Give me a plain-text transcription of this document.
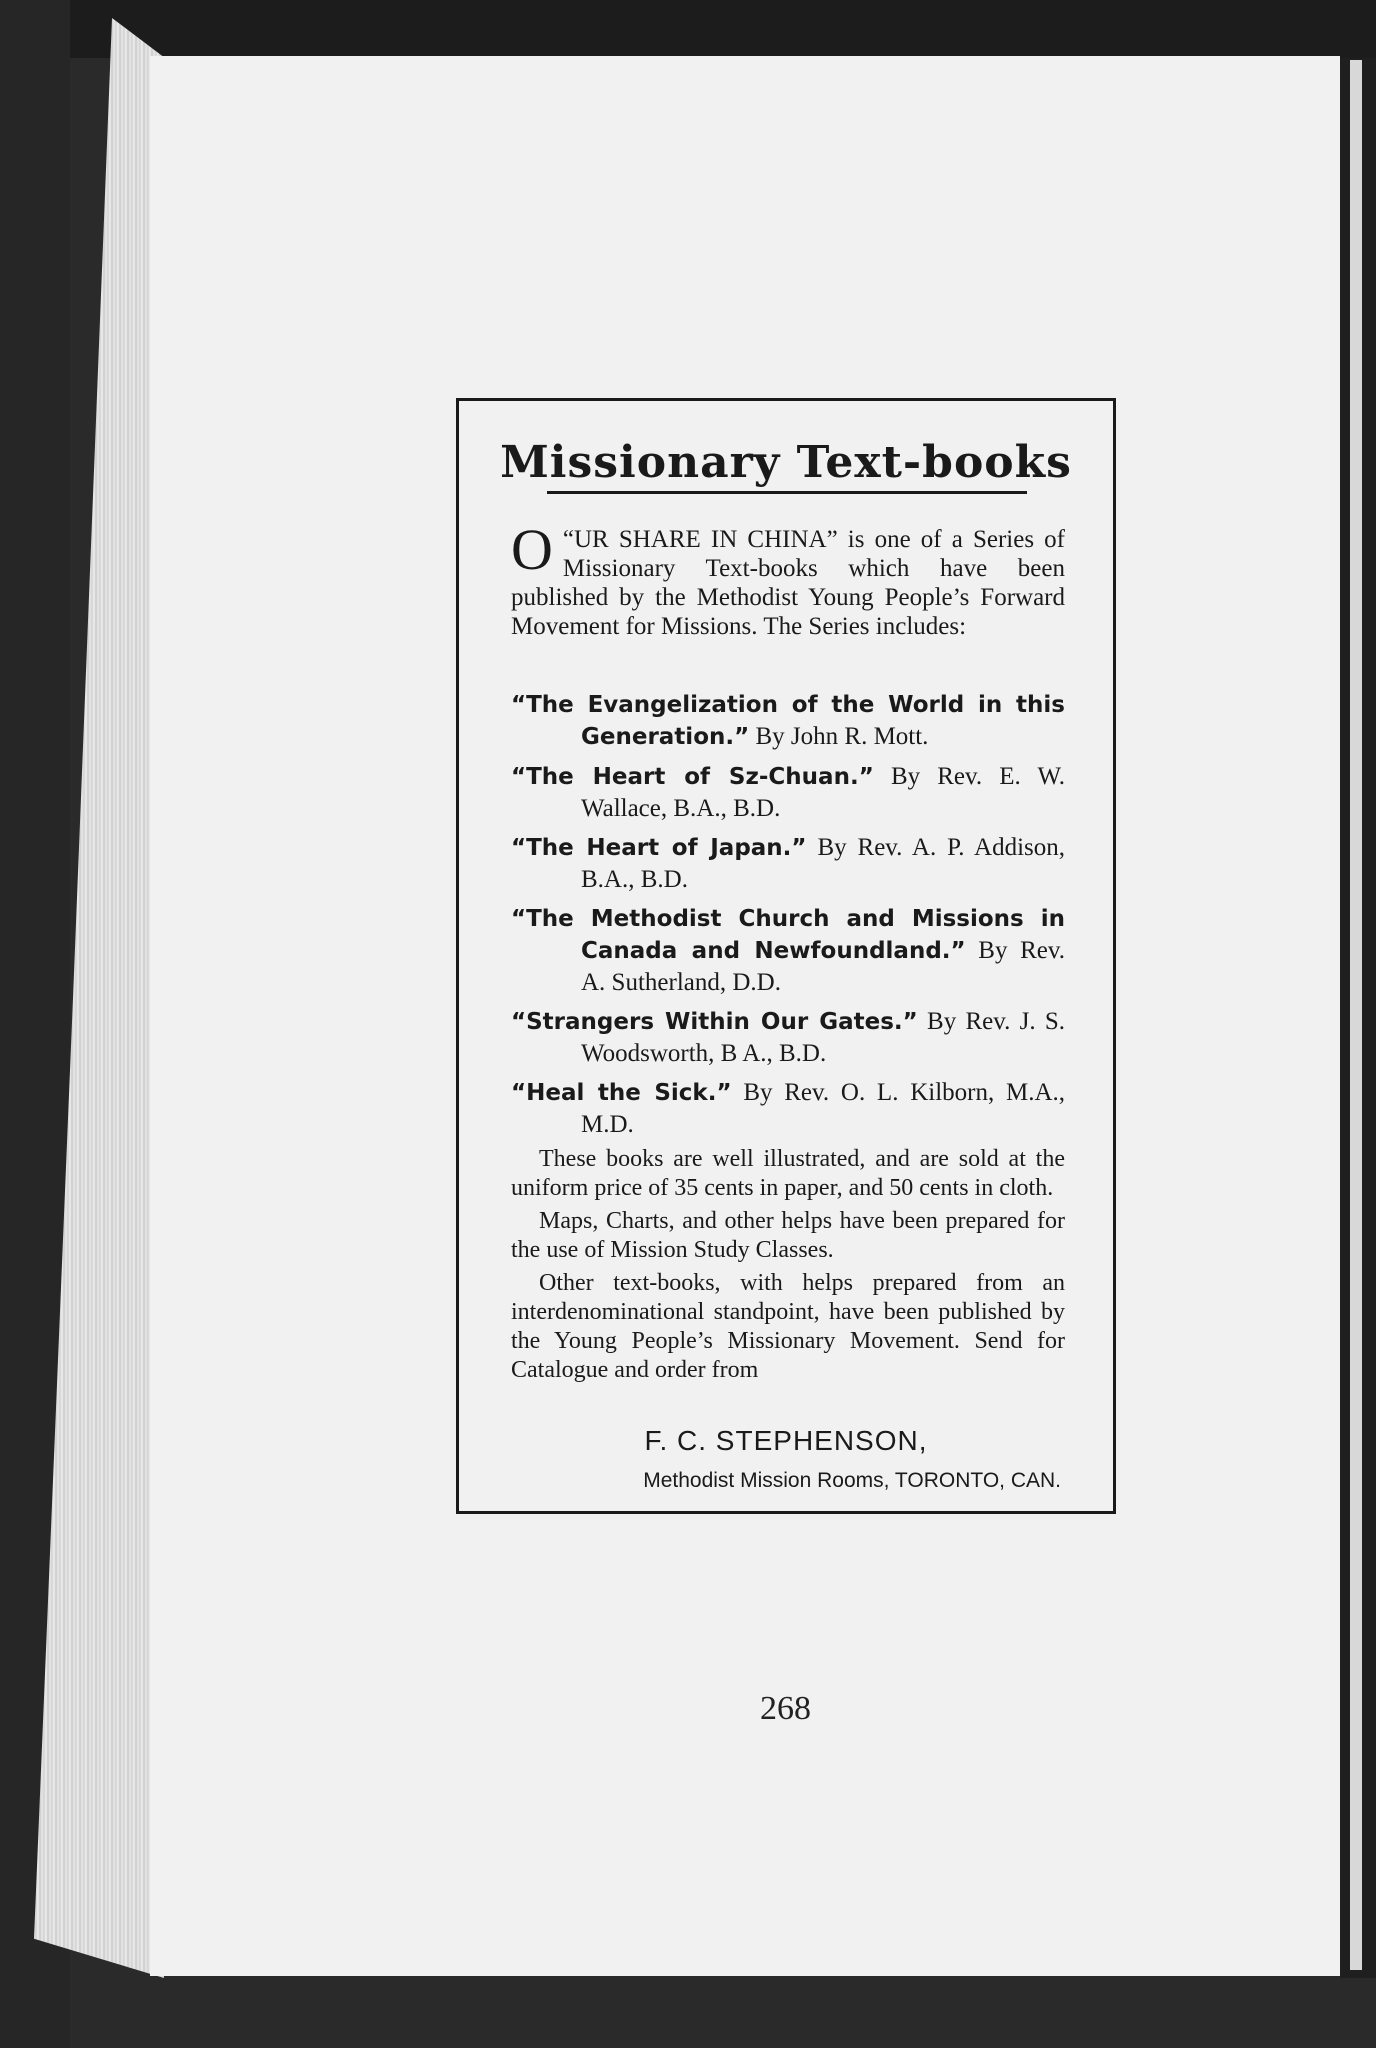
Missionary Text-books
“
O UR SHARE IN CHINA” is one of a Series of Missionary Text-books which have been published by the Methodist Young People’s Forward Movement for Missions. The Series includes:
“The Evangelization of the World in this Generation.” By John R. Mott.
“The Heart of Sz-Chuan.” By Rev. E. W. Wallace, B.A., B.D.
“The Heart of Japan.” By Rev. A. P. Addison, B.A., B.D.
“The Methodist Church and Missions in Canada and Newfoundland.” By Rev. A. Sutherland, D.D.
“Strangers Within Our Gates.” By Rev. J. S. Woodsworth, B A., B.D.
“Heal the Sick.” By Rev. O. L. Kilborn, M.A., M.D.

These books are well illustrated, and are sold at the uniform price of 35 cents in paper, and 50 cents in cloth.

Maps, Charts, and other helps have been prepared for the use of Mission Study Classes.

Other text-books, with helps prepared from an interdenominational standpoint, have been published by the Young People’s Missionary Movement. Send for Catalogue and order from

F. C. STEPHENSON,
Methodist Mission Rooms, TORONTO, CAN.
268
